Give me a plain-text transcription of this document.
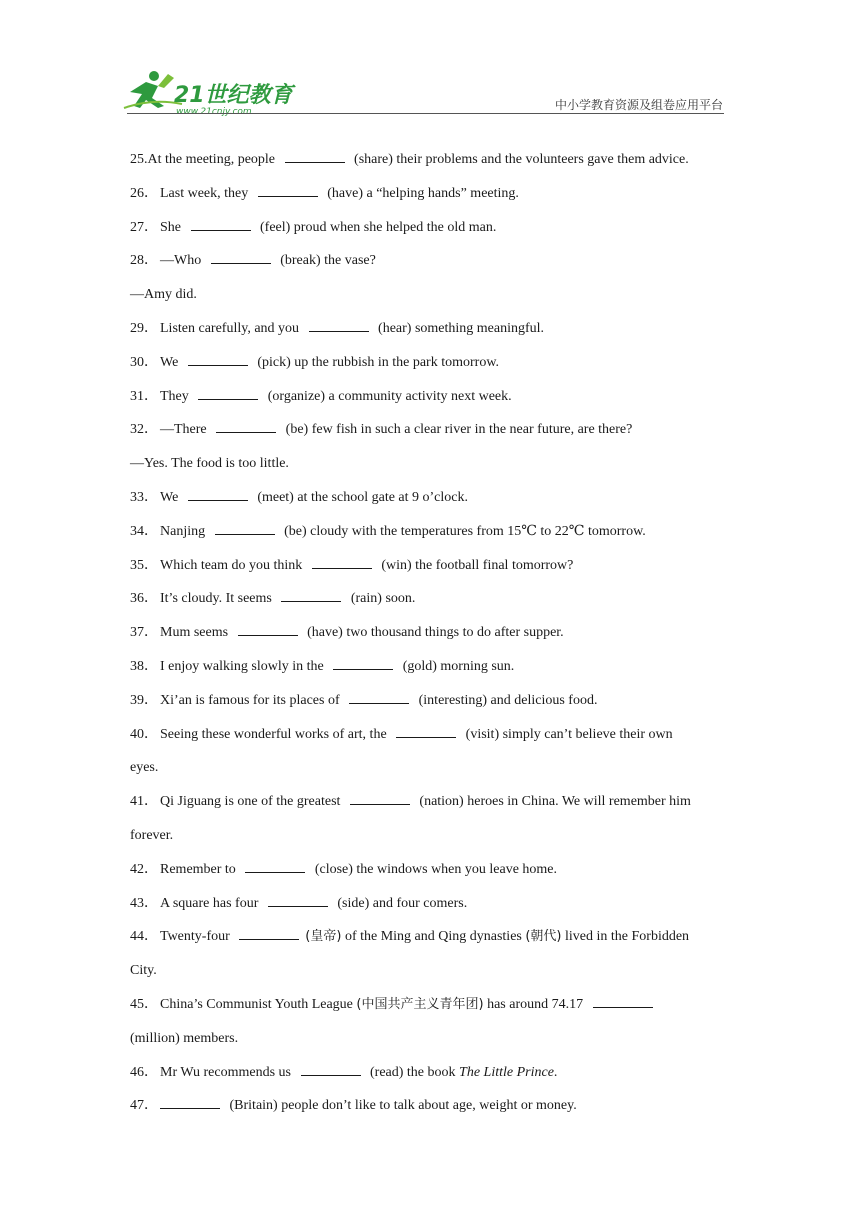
21世纪教育
www.21cnjy.com	中小学教育资源及组卷应用平台
25.At the meeting, people	(share) their problems and the volunteers gave them advice.
26． Last week, they	(have) a “helping hands” meeting.
27． She	(feel) proud when she helped the old man.
28． —Who	(break) the vase?
—Amy did.
29． Listen carefully, and you	(hear) something meaningful.
30． We	(pick) up the rubbish in the park tomorrow.
31． They	(organize) a community activity next week.
32． —There	(be) few fish in such a clear river in the near future, are there?
—Yes. The food is too little.
33． We	(meet) at the school gate at 9 o’clock.
34． Nanjing	(be) cloudy with the temperatures from 15℃ to 22℃ tomorrow.
35． Which team do you think	(win) the football final tomorrow?
36． It’s cloudy. It seems	(rain) soon.
37． Mum seems	(have) two thousand things to do after supper.
38． I enjoy walking slowly in the	(gold) morning sun.
39． Xi’an is famous for its places of	(interesting) and delicious food.
40． Seeing these wonderful works of art, the	(visit) simply can’t believe their own
eyes.
41． Qi Jiguang is one of the greatest	(nation) heroes in China. We will remember him
forever.
42． Remember to	(close) the windows when you leave home.
43． A square has four	(side) and four comers.
44． Twenty-four	(皇帝) of the Ming and Qing dynasties (朝代) lived in the Forbidden
City.
45． China’s Communist Youth League (中国共产主义青年团) has around 74.17
(million) members.
46． Mr Wu recommends us	(read) the book The Little Prince.
47．	(Britain) people don’t like to talk about age, weight or money.
